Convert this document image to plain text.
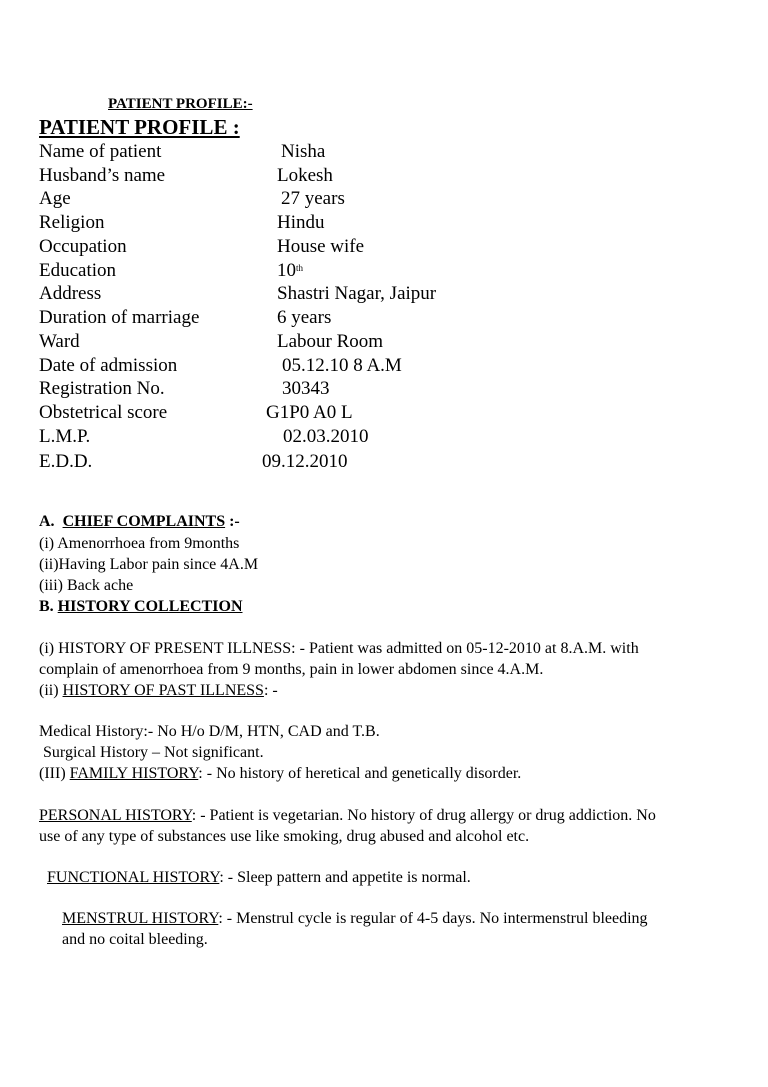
PATIENT PROFILE:-
PATIENT PROFILE :
Name of patient	Nisha
Husband’s name	Lokesh
Age	27 years
Religion	Hindu
Occupation	House wife
Education	10th
Address	Shastri Nagar, Jaipur
Duration of marriage	6 years
Ward	Labour Room
Date of admission	05.12.10 8 A.M
Registration No.	30343
Obstetrical score	G1P0 A0 L
L.M.P.	02.03.2010
E.D.D.	09.12.2010
A. CHIEF COMPLAINTS :-
(i) Amenorrhoea from 9months
(ii)Having Labor pain since 4A.M
(iii) Back ache
B. HISTORY COLLECTION
(i) HISTORY OF PRESENT ILLNESS: - Patient was admitted on 05-12-2010 at 8.A.M. with
complain of amenorrhoea from 9 months, pain in lower abdomen since 4.A.M.
(ii) HISTORY OF PAST ILLNESS: -
Medical History:- No H/o D/M, HTN, CAD and T.B.
Surgical History – Not significant.
(III) FAMILY HISTORY: - No history of heretical and genetically disorder.
PERSONAL HISTORY: - Patient is vegetarian. No history of drug allergy or drug addiction. No
use of any type of substances use like smoking, drug abused and alcohol etc.
FUNCTIONAL HISTORY: - Sleep pattern and appetite is normal.
MENSTRUL HISTORY: - Menstrul cycle is regular of 4-5 days. No intermenstrul bleeding
and no coital bleeding.
